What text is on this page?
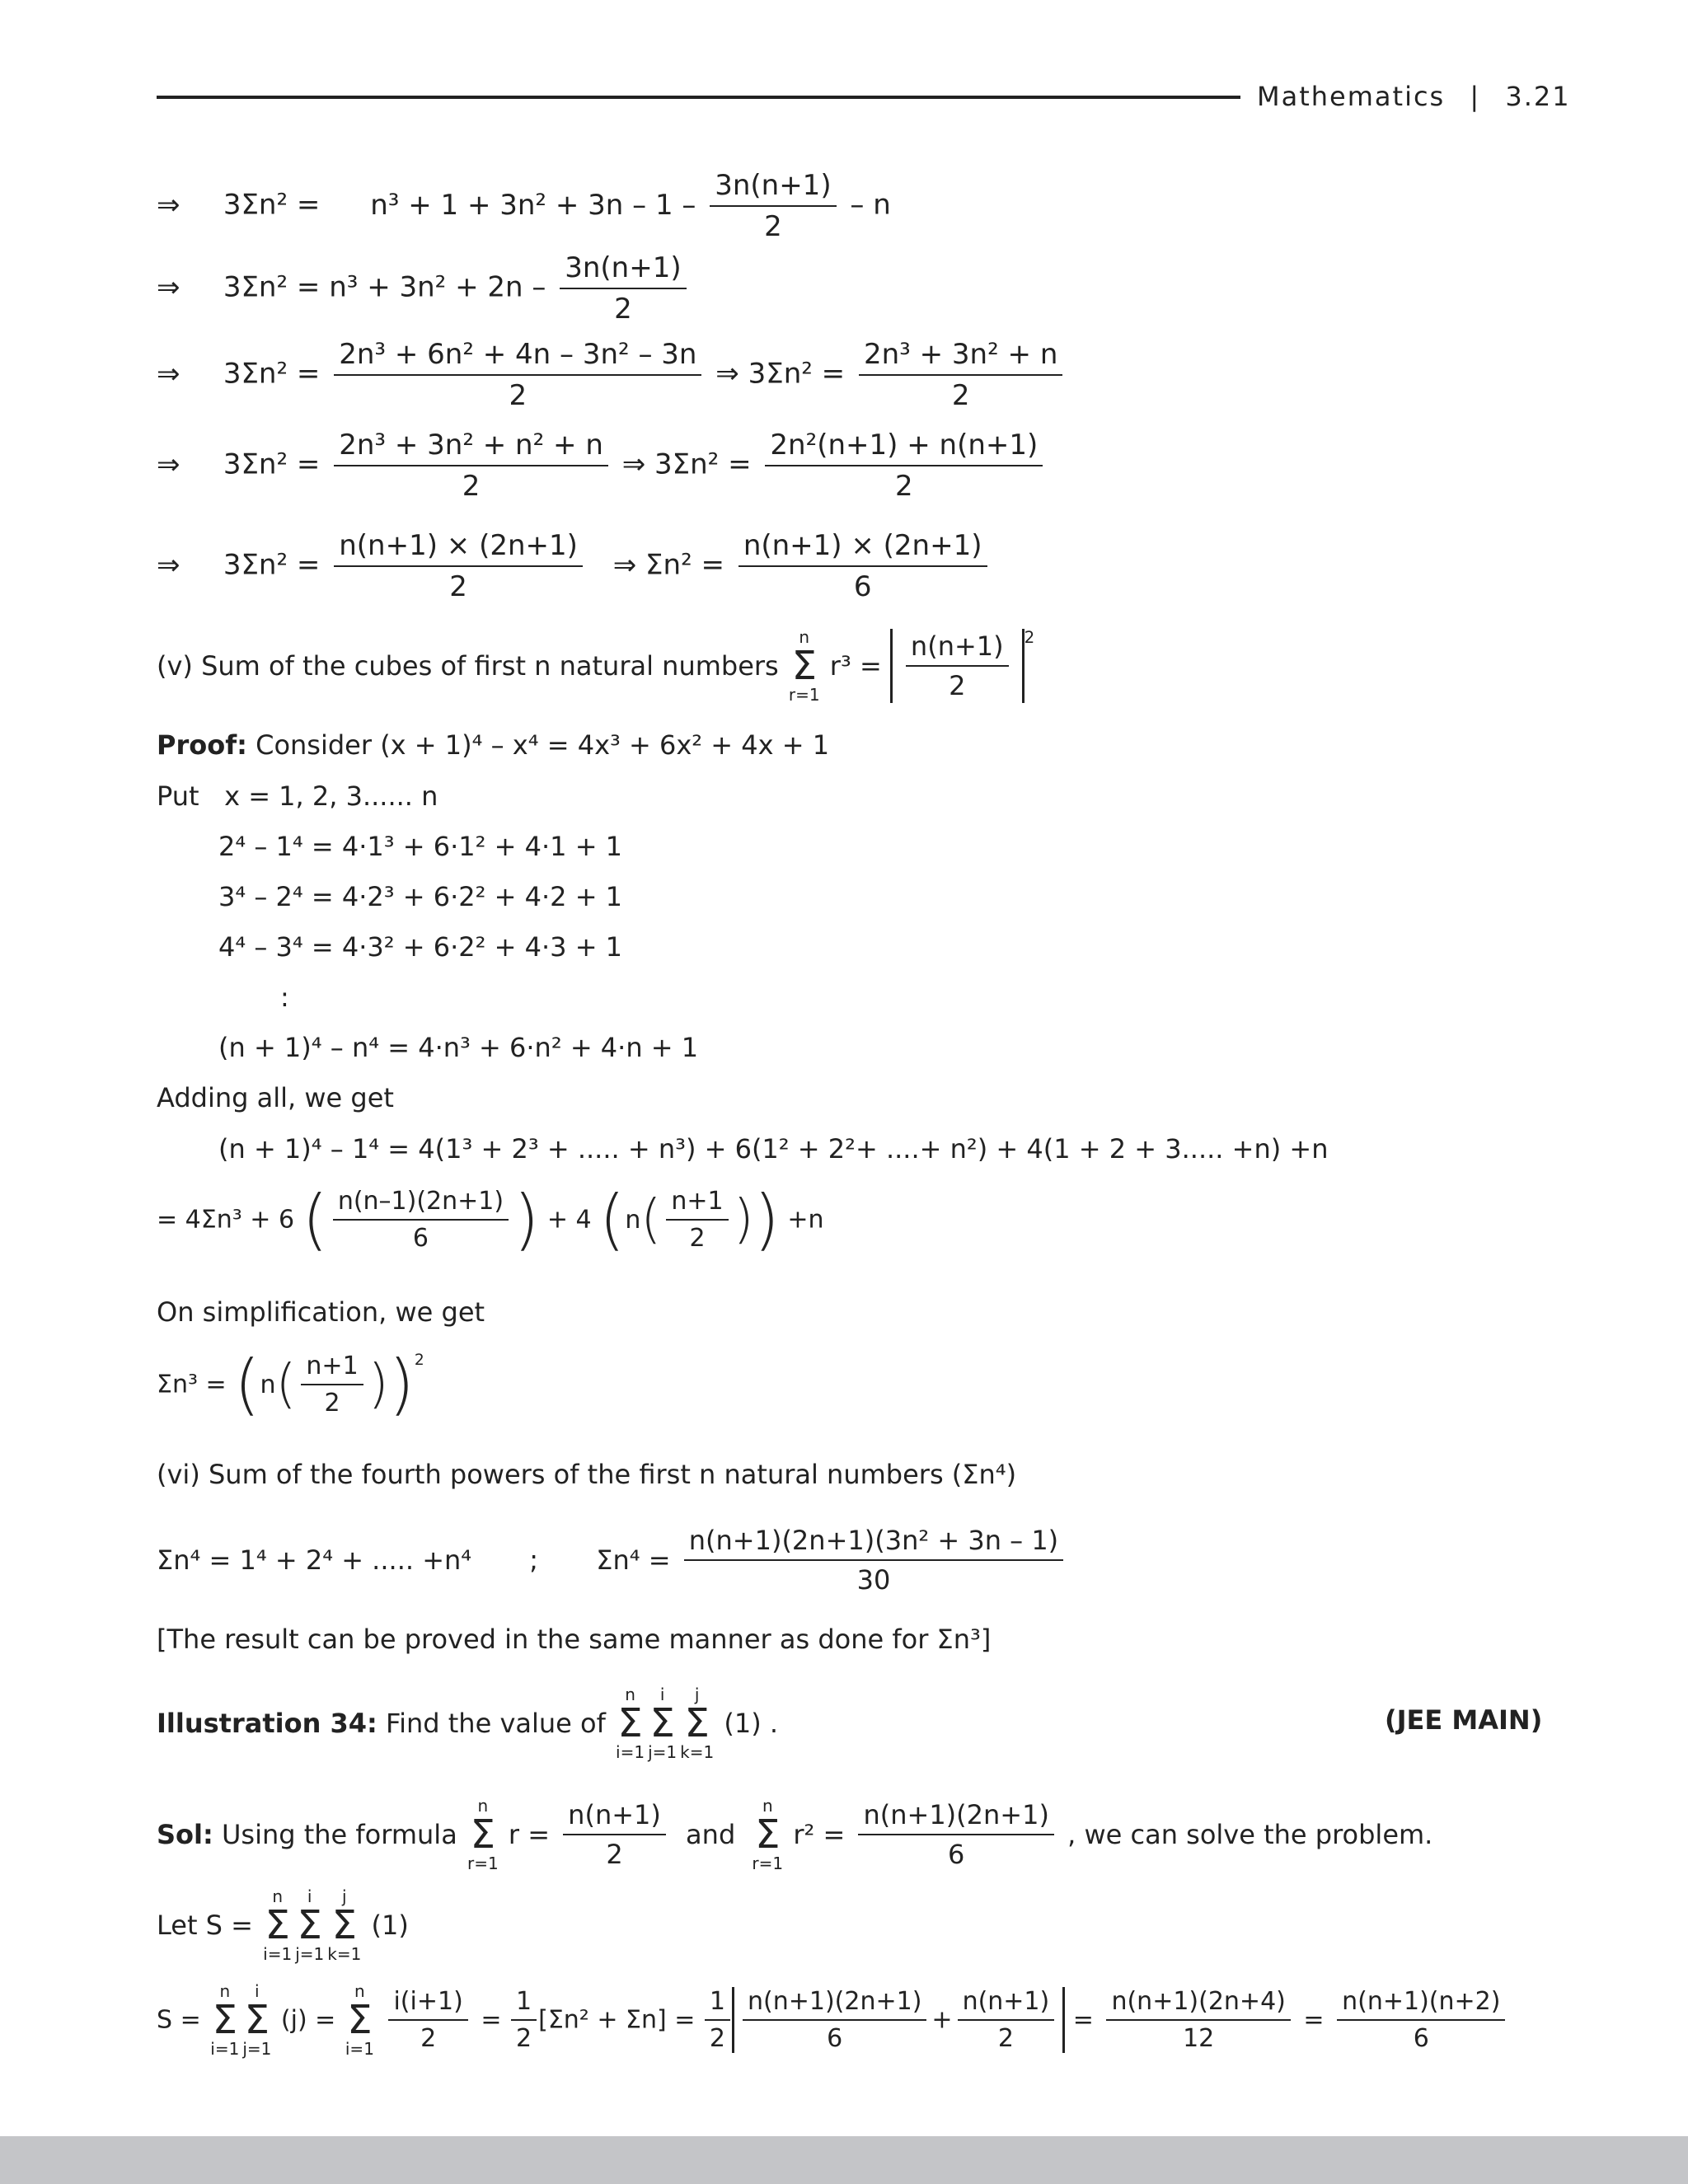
Mathematics | 3.21
⇒ $3\Sigma n^2 = n^3 + 1 + 3n^2 + 3n - 1 - \frac{3n(n+1)}{2} - n$
⇒ $3\Sigma n^2 = n^3 + 3n^2 + 2n - \frac{3n(n+1)}{2}$
⇒ $3\Sigma n^2 = \frac{\text{2n³ + 6n² + 4n – 3n² – 3n}}{2}$ ⇒ $3\Sigma n^2 = \frac{\text{2n³ + 3n² + n}}{2}$
⇒ $3\Sigma n^2 = \frac{\text{2n³ + 3n² + n² + n}}{2}$ ⇒ $3\Sigma n^2 = \frac{\text{2n²(n+1) + n(n+1)}}{2}$
⇒ $3\Sigma n^2 = \frac{n(n+1) \times (2n+1)}{2}$ ⇒ $\Sigma n^2 = \frac{n(n+1) \times (2n+1)}{6}$
(v) Sum of the cubes of first n natural numbers
n
Σ
r=1
$r^3 = \frac{n(n+1)}{2} ^2$
Proof: Consider (x + 1)⁴ – x⁴ = 4x³ + 6x² + 4x + 1
Put   x = 1, 2, 3...... n
2⁴ – 1⁴ = 4·1³ + 6·1² + 4·1 + 1
3⁴ – 2⁴ = 4·2³ + 6·2² + 4·2 + 1
4⁴ – 3⁴ = 4·3² + 6·2² + 4·3 + 1
:
(n + 1)⁴ – n⁴ = 4·n³ + 6·n² + 4·n + 1
Adding all, we get
(n + 1)⁴ – 1⁴ = 4(1³ + 2³ + ..... + n³) + 6(1² + 2²+ ....+ n²) + 4(1 + 2 + 3..... +n) +n
= 4Σn³ + 6 ( $\frac{n(n-1)(2n+1)}{6}$ ) + 4 ( n ( $\frac{n+1}{2}$ ) ) +n
On simplification, we get
Σn³ = ( n ( $\frac{n+1}{2}$ ) ) $^2$
(vi) Sum of the fourth powers of the first n natural numbers (Σn⁴)
Σn⁴ = 1⁴ + 2⁴ + ..... +n⁴ ; $\Sigma n^4 = \frac{\text{n(n+1)(2n+1)(3n² + 3n – 1)}}{30}$
[The result can be proved in the same manner as done for Σn³]
Illustration 34: Find the value of
n
Σ
i=1
i
Σ
j=1
j
Σ
k=1
(1) .	(JEE MAIN)
Sol: Using the formula
n
Σ
r=1
$r = \frac{n(n+1)}{2}$ and
n
Σ
r=1
$r^2 = \frac{n(n+1)(2n+1)}{6}$ , we can solve the problem.
Let S =
n
Σ
i=1
i
Σ
j=1
j
Σ
k=1
(1)
S =
n
Σ
i=1
i
Σ
j=1
(j) =
n
Σ
i=1
$\frac{i(i+1)}{2} = \frac{1}{2} [\Sigma n^2 + \Sigma n] = \frac{1}{2} \frac{n(n+1)(2n+1)}{6} + \frac{n(n+1)}{2} = \frac{n(n+1)(2n+4)}{12} = \frac{n(n+1)(n+2)}{6}$
